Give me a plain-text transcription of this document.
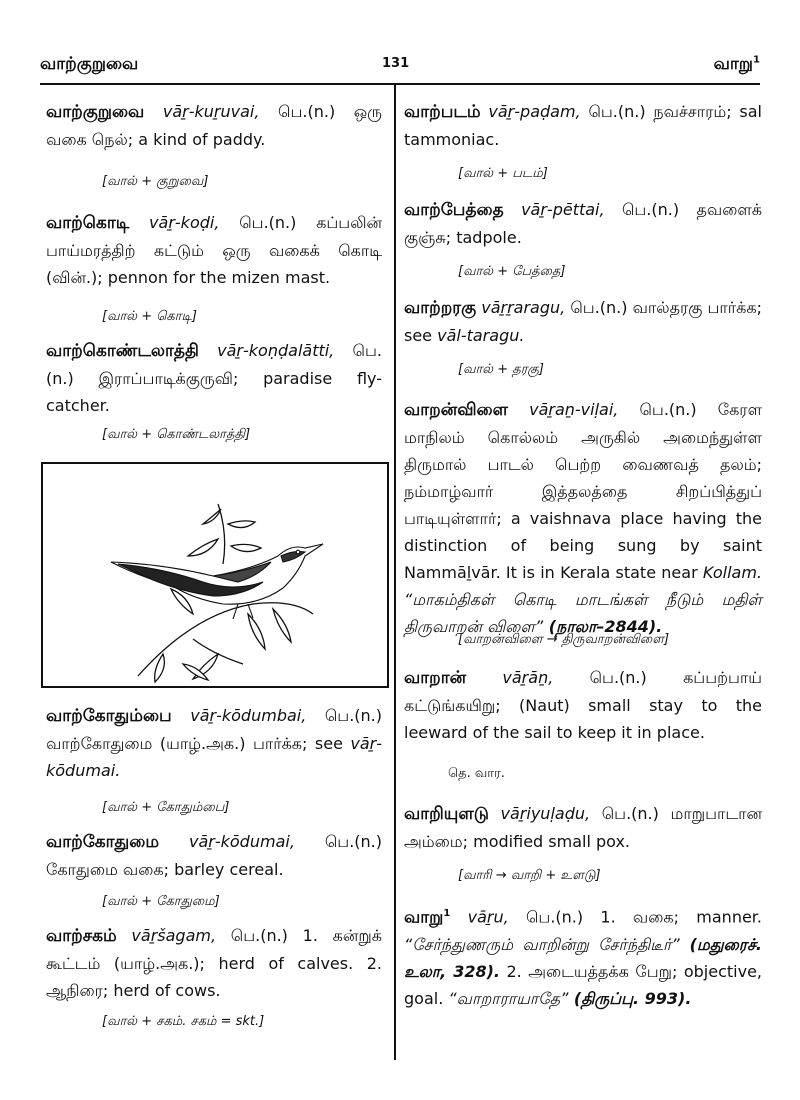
வாற்குறுவை	131	வாறு$^1$

வாற்குறுவை vāṟ-kuṟuvai, பெ.(n.) ஒரு வகை நெல்; a kind of paddy.

[வால் + குறுவை]

வாற்கொடி vāṟ-koḍi, பெ.(n.) கப்பலின் பாய்மரத்திற் கட்டும் ஒரு வகைக் கொடி (வின்.); pennon for the mizen mast.

[வால் + கொடி]

வாற்கொண்டலாத்தி vāṟ-koṇḍalātti, பெ.(n.) இராப்பாடிக்குருவி; paradise fly-catcher.

[வால் + கொண்டலாத்தி]

வாற்கோதும்பை vāṟ-kōdumbai, பெ.(n.) வாற்கோதுமை (யாழ்.அக.) பார்க்க; see vāṟ-kōdumai.

[வால் + கோதும்பை]

வாற்கோதுமை vāṟ-kōdumai, பெ.(n.) கோதுமை வகை; barley cereal.

[வால் + கோதுமை]

வாற்சகம் vāṟšagam, பெ.(n.) 1. கன்றுக் கூட்டம் (யாழ்.அக.); herd of calves. 2. ஆநிரை; herd of cows.

[வால் + சகம். சகம் = skt.]

வாற்படம் vāṟ-paḍam, பெ.(n.) நவச்சாரம்; sal tammoniac.

[வால் + படம்]

வாற்பேத்தை vāṟ-pēttai, பெ.(n.) தவளைக் குஞ்சு; tadpole.

[வால் + பேத்தை]

வாற்றரகு vāṟṟaragu, பெ.(n.) வால்தரகு பார்க்க; see vāl-taragu.

[வால் + தரகு]

வாறன்விளை vāṟaṉ-viḷai, பெ.(n.) கேரள மாநிலம் கொல்லம் அருகில் அமைந்துள்ள திருமால் பாடல் பெற்ற வைணவத் தலம்; நம்மாழ்வார் இத்தலத்தை சிறப்பித்துப் பாடியுள்ளார்; a vaishnava place having the distinction of being sung by saint Nammāḻvār. It is in Kerala state near Kollam. “மாகம்திகள் கொடி மாடங்கள் நீடும் மதிள் திருவாறன் விளை” (நாலா–2844).

[வாறன்விளை → திருவாறன்விளை]

வாறான் vāṟāṉ, பெ.(n.) கப்பற்பாய் கட்டுங்கயிறு; (Naut) small stay to the leeward of the sail to keep it in place.

தெ. வார.

வாறியுளடு vāṟiyuḷaḍu, பெ.(n.) மாறுபாடான அம்மை; modified small pox.

[வாரி → வாறி + உளடு]

வாறு$^1$ vāṟu, பெ.(n.) 1. வகை; manner. “சேர்ந்துணரும் வாறின்று சேர்ந்திடீர்” (மதுரைச். உலா, 328). 2. அடையத்தக்க பேறு; objective, goal. “வாறாராயாதே” (திருப்பு. 993).
